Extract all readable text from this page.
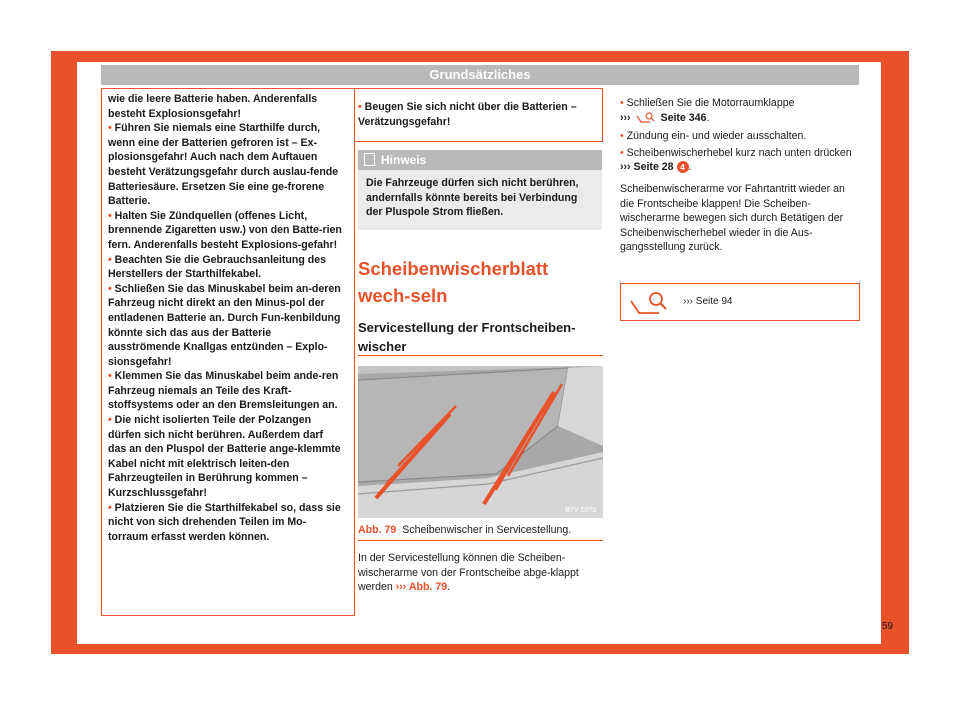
Grundsätzliches

wie die leere Batterie haben. Anderenfalls besteht Explosionsgefahr!

• Führen Sie niemals eine Starthilfe durch, wenn eine der Batterien gefroren ist – Ex-plosionsgefahr! Auch nach dem Auftauen besteht Verätzungsgefahr durch auslau-fende Batteriesäure. Ersetzen Sie eine ge-frorene Batterie.

• Halten Sie Zündquellen (offenes Licht, brennende Zigaretten usw.) von den Batte-rien fern. Anderenfalls besteht Explosions-gefahr!

• Beachten Sie die Gebrauchsanleitung des Herstellers der Starthilfekabel.

• Schließen Sie das Minuskabel beim an-deren Fahrzeug nicht direkt an den Minus-pol der entladenen Batterie an. Durch Fun-kenbildung könnte sich das aus der Batterie ausströmende Knallgas entzünden – Explo-sionsgefahr!

• Klemmen Sie das Minuskabel beim ande-ren Fahrzeug niemals an Teile des Kraft-stoffsystems oder an den Bremsleitungen an.

• Die nicht isolierten Teile der Polzangen dürfen sich nicht berühren. Außerdem darf das an den Pluspol der Batterie ange-klemmte Kabel nicht mit elektrisch leiten-den Fahrzeugteilen in Berührung kommen – Kurzschlussgefahr!

• Platzieren Sie die Starthilfekabel so, dass sie nicht von sich drehenden Teilen im Mo-torraum erfasst werden können.

• Beugen Sie sich nicht über die Batterien – Verätzungsgefahr!

Hinweis
Die Fahrzeuge dürfen sich nicht berühren, andernfalls könnte bereits bei Verbindung der Pluspole Strom fließen.
Scheibenwischerblatt wech-seln
Servicestellung der Frontscheiben-wischer
B7V-1073
Abb. 79 Scheibenwischer in Servicestellung.
In der Servicestellung können die Scheiben-wischerarme von der Frontscheibe abge-klappt werden ››› Abb. 79.

• Schließen Sie die Motorraumklappe
›››	Seite 346.

• Zündung ein- und wieder ausschalten.

• Scheibenwischerhebel kurz nach unten drücken ››› Seite 28 4 .

Scheibenwischerarme vor Fahrtantritt wieder an die Frontscheibe klappen! Die Scheiben-wischerarme bewegen sich durch Betätigen der Scheibenwischerhebel wieder in die Aus-gangsstellung zurück.

››› Seite 94
59
